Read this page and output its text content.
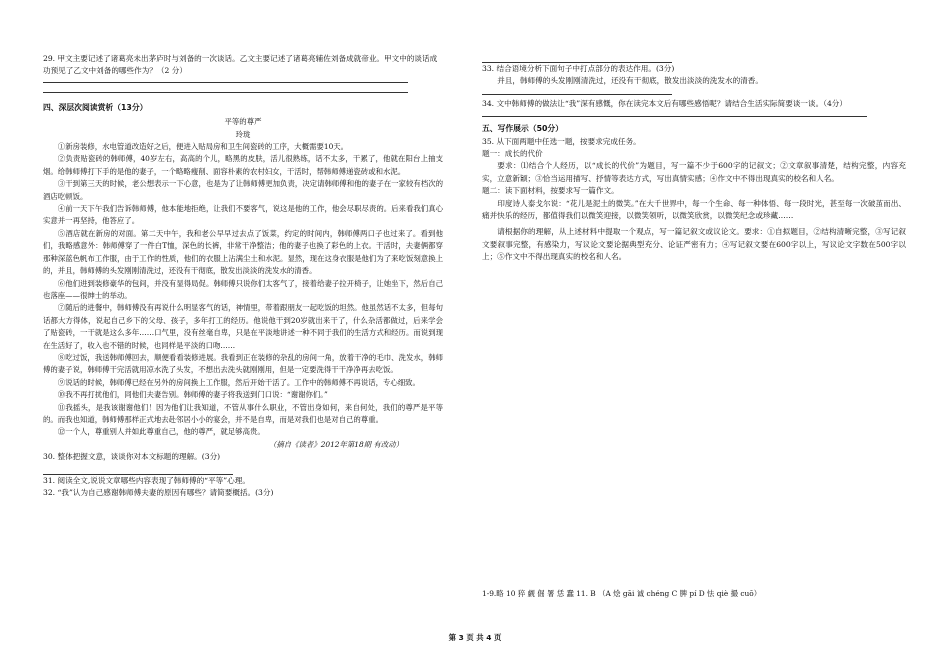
29. 甲文主要记述了诸葛亮未出茅庐时与刘备的一次谈话。乙文主要记述了诸葛亮辅佐刘备成就帝业。甲文中的谈话成功预见了乙文中刘备的哪些作为？（2 分）

四、深层次阅读赏析（13分）

平等的尊严

玲珑

①新房装修，水电管道改造好之后，便进入贴局房和卫生间瓷砖的工序，大概需要10天。

②负责贴瓷砖的韩师傅，40岁左右，高高的个儿，略黑的皮肤，活儿很熟练，话不太多，干累了，他就在阳台上抽支烟。给韩师傅打下手的是他的妻子，一个略略瘦削、面容朴素的农村妇女，干活时，帮韩师傅递瓷砖或和水泥。

③干到第三天的时候，老公想表示一下心意，也是为了让韩师傅更加负责，决定请韩师傅和他的妻子在一家较有档次的酒店吃顿饭。

④前一天下午我们告诉韩师傅，他本能地拒绝，让我们不要客气，说这是他的工作，他会尽职尽责的。后来看我们真心实意并一再坚持，他答应了。

⑤酒店就在新房的对面。第二天中午，我和老公早早过去点了饭菜，约定的时间内，韩师傅两口子也过来了。看到他们，我略感意外：韩师傅穿了一件白T恤，深色的长裤，非常干净整洁；他的妻子也换了彩色的上衣。干活时，夫妻俩都穿那种深蓝色帆布工作服，由于工作的性质，他们的衣服上沾满尘土和水泥。显然，现在这身衣服是他们为了来吃饭刻意换上的，并且，韩师傅的头发刚刚清洗过，还没有干彻底，散发出淡淡的洗发水的清香。

⑥他们进到装修豪华的包间，并没有显得局促。韩师傅只说你们太客气了，接着给妻子拉开椅子，让她坐下，然后自己也落座——很绅士的举动。

⑦随后的进餐中，韩师傅没有再说什么明显客气的话，神情里，带着跟朋友一起吃饭的坦然。他虽然话不太多，但每句话都大方得体，说起自己乡下的父母、孩子，多年打工的经历。他说他干到20岁就出来干了，什么杂活都做过，后来学会了贴瓷砖，一干就是这么多年……口气里，没有丝毫自卑，只是在平淡地讲述一种不同于我们的生活方式和经历。而说到现在生活好了，收入也不错的时候，也同样是平淡的口吻……

⑧吃过饭，我送韩师傅回去，顺便看看装修进展。我看到正在装修的杂乱的房间一角，放着干净的毛巾、洗发水，韩师傅的妻子说，韩师傅干完活就用凉水洗了头发，不想出去洗头就刚刚用，但是一定要洗得干干净净再去吃饭。

⑨说话的时候，韩师傅已经在另外的房间换上工作服，然后开始干活了。工作中的韩师傅不再说话，专心细致。

⑩我不再打扰他们，同他们夫妻告别。韩师傅的妻子将我送到门口说：“谢谢你们。”

⑪我摇头，是我该谢谢他们！因为他们让我知道，不管从事什么职业，不管出身如何，来自何处，我们的尊严是平等的。而我也知道，韩师傅那样正式地去赴邻居小小的宴会，并不是自卑，而是对我们也是对自己的尊重。

⑫一个人，尊重别人并如此尊重自己，他的尊严，就足够高贵。

（摘自《读者》2012年第18期 有改动）

30. 整体把握文意，谈谈你对本文标题的理解。(3分)

31. 阅读全文,说说文章哪些内容表现了韩师傅的“平等”心理。

32. “我”认为自己感谢韩师傅夫妻的原因有哪些？请简要概括。(3分)

33. 结合语境分析下面句子中打点部分的表达作用。(3分)

并且，韩师傅的头发刚刚清洗过，还没有干彻底，散发出淡淡的洗发水的清香。

34. 文中韩师傅的做法让“我”深有感慨，你在读完本文后有哪些感悟呢？请结合生活实际简要谈一谈。（4分）

五、写作展示（50分）

35. 从下面两题中任选一题，按要求完成任务。

题一：成长的代价

要求：⑴结合个人经历，以“成长的代价”为题目，写一篇不少于600字的记叙文；②文章叙事清楚，结构完整，内容充实，立意新颖；③恰当运用描写、抒情等表达方式，写出真情实感；④作文中不得出现真实的校名和人名。

题二：读下面材料，按要求写一篇作文。

印度诗人泰戈尔说：“花儿是泥土的微笑。”在大千世界中，每一个生命、每一种体悟、每一段时光，甚至每一次破茧而出、痛并快乐的经历，都值得我们以微笑迎接，以微笑领听，以微笑欣赏，以微笑纪念或珍藏……

请根据你的理解，从上述材料中提取一个观点，写一篇记叙文或议论文。要求：①自拟题目，②结构清晰完整，③写记叙文要叙事完整，有感染力，写议论文要论据典型充分、论证严密有力；④写记叙文要在600字以上，写议论文字数在500字以上；⑤作文中不得出现真实的校名和人名。

1-9.略 10 猝 觑 倔 署 恁 蠢 11. B （A 烩 gāi 诚 chéng C 脾 pí D 怯 qiè 撮 cuō）
第 3 页 共 4 页
